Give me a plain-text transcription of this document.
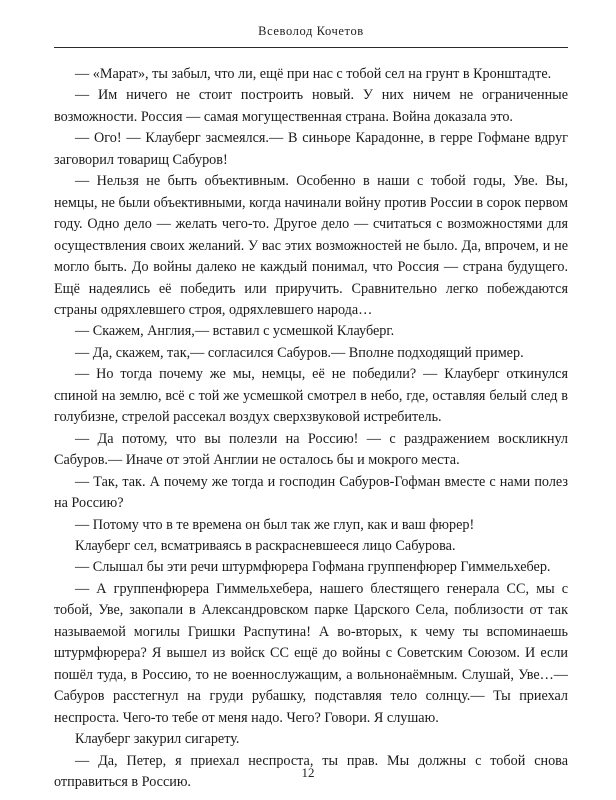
Всеволод Кочетов

— «Марат», ты забыл, что ли, ещё при нас с тобой сел на грунт в Кронштадте.

— Им ничего не стоит построить новый. У них ничем не ограниченные возможности. Россия — самая могущественная страна. Война доказала это.

— Ого! — Клауберг засмеялся.— В синьоре Карадонне, в герре Гофмане вдруг заговорил товарищ Сабуров!

— Нельзя не быть объективным. Особенно в наши с тобой годы, Уве. Вы, немцы, не были объективными, когда начинали войну против России в сорок первом году. Одно дело — желать чего-то. Другое дело — считаться с возможностями для осуществления своих желаний. У вас этих возможностей не было. Да, впрочем, и не могло быть. До войны далеко не каждый понимал, что Россия — страна будущего. Ещё надеялись её победить или приручить. Сравнительно легко побеждаются страны одряхлевшего строя, одряхлевшего народа…

— Скажем, Англия,— вставил с усмешкой Клауберг.

— Да, скажем, так,— согласился Сабуров.— Вполне подходящий пример.

— Но тогда почему же мы, немцы, её не победили? — Клауберг откинулся спиной на землю, всё с той же усмешкой смотрел в небо, где, оставляя белый след в голубизне, стрелой рассекал воздух сверхзвуковой истребитель.

— Да потому, что вы полезли на Россию! — с раздражением воскликнул Сабуров.— Иначе от этой Англии не осталось бы и мокрого места.

— Так, так. А почему же тогда и господин Сабуров-Гофман вместе с нами полез на Россию?

— Потому что в те времена он был так же глуп, как и ваш фюрер!

Клауберг сел, всматриваясь в раскрасневшееся лицо Сабурова.

— Слышал бы эти речи штурмфюрера Гофмана группенфюрер Гиммельхебер.

— А группенфюрера Гиммельхебера, нашего блестящего генерала СС, мы с тобой, Уве, закопали в Александровском парке Царского Села, поблизости от так называемой могилы Гришки Распутина! А во-вторых, к чему ты вспоминаешь штурмфюрера? Я вышел из войск СС ещё до войны с Советским Союзом. И если пошёл туда, в Россию, то не военнослужащим, а вольнонаёмным. Слушай, Уве…— Сабуров расстегнул на груди рубашку, подставляя тело солнцу.— Ты приехал неспроста. Чего-то тебе от меня надо. Чего? Говори. Я слушаю.

Клауберг закурил сигарету.

— Да, Петер, я приехал неспроста, ты прав. Мы должны с тобой снова отправиться в Россию.

12
